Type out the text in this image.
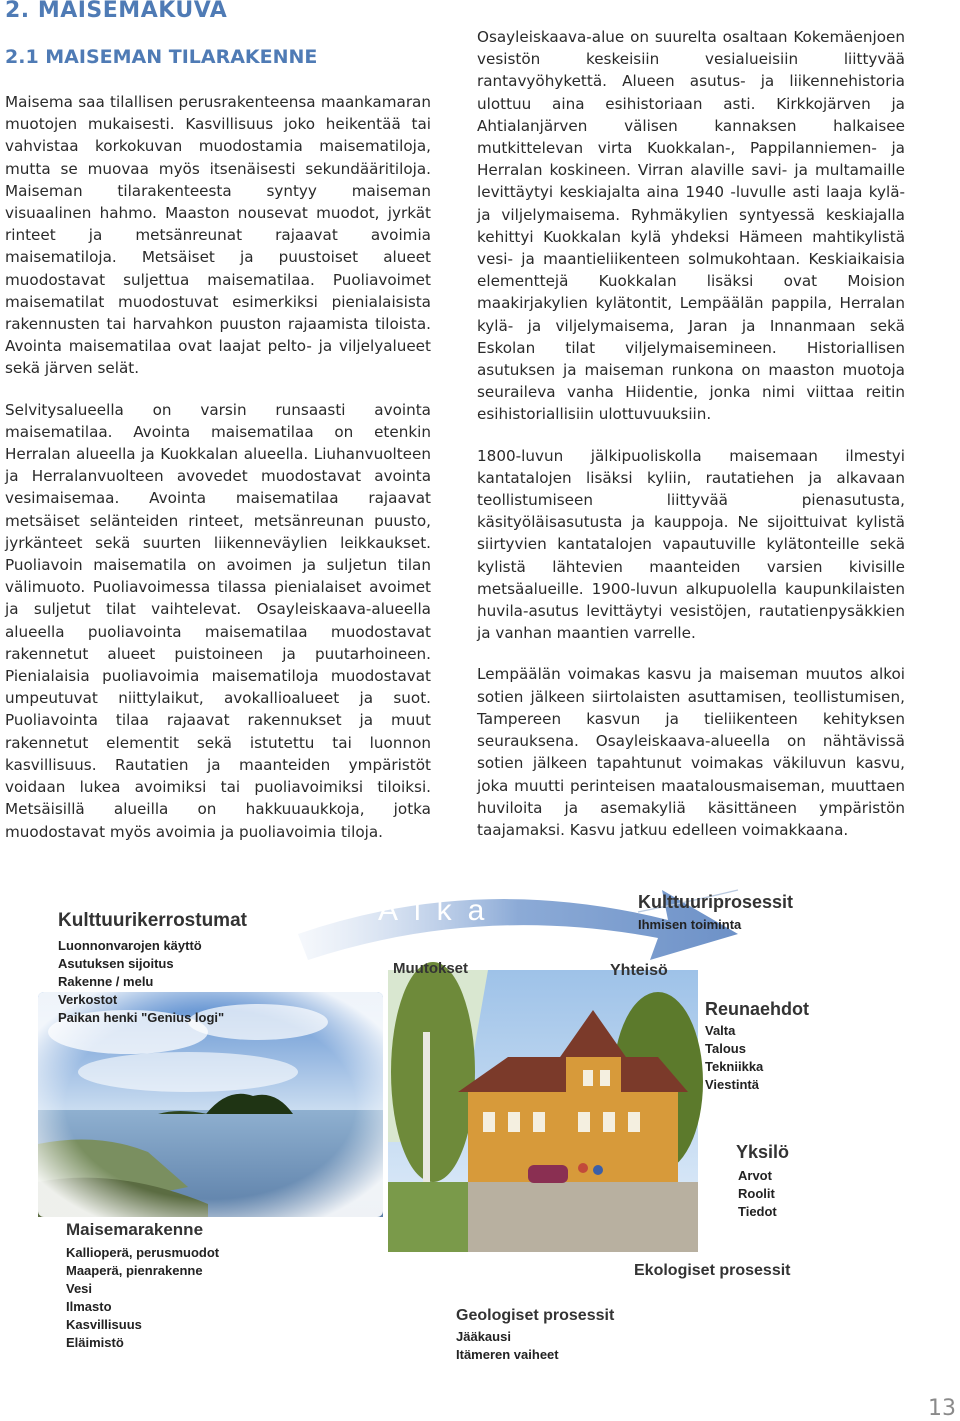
2. MAISEMAKUVA
2.1 MAISEMAN TILARAKENNE

Maisema saa tilallisen perusrakenteensa maankamaran muotojen mukaisesti. Kasvillisuus joko heikentää tai vahvistaa korkokuvan muodostamia maisematiloja, mutta se muovaa myös itsenäisesti sekundääritiloja. Maiseman tilarakenteesta syntyy maiseman visuaalinen hahmo. Maaston nousevat muodot, jyrkät rinteet ja metsänreunat rajaavat avoimia maisematiloja. Metsäiset ja puustoiset alueet muodostavat suljettua maisematilaa. Puoliavoimet maisematilat muodostuvat esimerkiksi pienialaisista rakennusten tai harvahkon puuston rajaamista tiloista. Avointa maisematilaa ovat laajat pelto- ja viljelyalueet sekä järven selät.

Selvitysalueella on varsin runsaasti avointa maisematilaa. Avointa maisematilaa on etenkin Herralan alueella ja Kuokkalan alueella. Liuhanvuolteen ja Herralanvuolteen avovedet muodostavat avointa vesimaisemaa. Avointa maisematilaa rajaavat metsäiset selänteiden rinteet, metsänreunan puusto, jyrkänteet sekä suurten liikenneväylien leikkaukset. Puoliavoin maisematila on avoimen ja suljetun tilan välimuoto. Puoliavoimessa tilassa pienialaiset avoimet ja suljetut tilat vaihtelevat. Osayleiskaava-alueella alueella puoliavointa maisematilaa muodostavat rakennetut alueet puistoineen ja puutarhoineen. Pienialaisia puoliavoimia maisematiloja muodostavat umpeutuvat niittylaikut, avokallioalueet ja suot. Puoliavointa tilaa rajaavat rakennukset ja muut rakennetut elementit sekä istutettu tai luonnon kasvillisuus. Rautatien ja maanteiden ympäristöt voidaan lukea avoimiksi tai puoliavoimiksi tiloiksi. Metsäisillä alueilla on hakkuuaukkoja, jotka muodostavat myös avoimia ja puoliavoimia tiloja.

Osayleiskaava-alue on suurelta osaltaan Kokemäenjoen vesistön keskeisiin vesialueisiin liittyvää rantavyöhykettä. Alueen asutus- ja liikennehistoria ulottuu aina esihistoriaan asti. Kirkkojärven ja Ahtialanjärven välisen kannaksen halkaisee mutkittelevan virta Kuokkalan-, Pappilanniemen- ja Herralan koskineen. Virran alaville savi- ja multamaille levittäytyi keskiajalta aina 1940 -luvulle asti laaja kylä- ja viljelymaisema. Ryhmäkylien syntyessä keskiajalla kehittyi Kuokkalan kylä yhdeksi Hämeen mahtikylistä vesi- ja maantieliikenteen solmukohtaan. Keskiaikaisia elementtejä Kuokkalan lisäksi ovat Moision maakirjakylien kylätontit, Lempäälän pappila, Herralan kylä- ja viljelymaisema, Jaran ja Innanmaan sekä Eskolan tilat viljelymaisemineen. Historiallisen asutuksen ja maiseman runkona on maaston muotoja seuraileva vanha Hiidentie, jonka nimi viittaa reitin esihistoriallisiin ulottuvuuksiin.

1800-luvun jälkipuoliskolla maisemaan ilmestyi kantatalojen lisäksi kyliin, rautatiehen ja alkavaan teollistumiseen liittyvää pienasutusta, käsityöläisasutusta ja kauppoja. Ne sijoittuivat kylistä siirtyvien kantatalojen vapautuville kylätonteille sekä kylistä lähtevien maanteiden varsien kivisille metsäalueille. 1900-luvun alkupuolella kaupunkilaisten huvila-asutus levittäytyi vesistöjen, rautatienpysäkkien ja vanhan maantien varrelle.

Lempäälän voimakas kasvu ja maiseman muutos alkoi sotien jälkeen siirtolaisten asuttamisen, teollistumisen, Tampereen kasvun ja tieliikenteen kehityksen seurauksena. Osayleiskaava-alueella on nähtävissä sotien jälkeen tapahtunut voimakas väkiluvun kasvu, joka muutti perinteisen maatalousmaiseman, muuttaen huviloita ja asemakyliä käsittäneen ympäristön taajamaksi. Kasvu jatkuu edelleen voimakkaana.

Aika
Kulttuurikerrostumat
Luonnonvarojen käyttö
Asutuksen sijoitus
Rakenne / melu
Verkostot
Paikan henki "Genius logi"
Muutokset	Yhteisö
Kulttuuriprosessit
Ihmisen toiminta
Reunaehdot
Valta
Talous
Tekniikka
Viestintä
Yksilö
Arvot
Roolit
Tiedot
Ekologiset prosessit
Maisemarakenne
Kallioperä, perusmuodot
Maaperä, pienrakenne
Vesi
Ilmasto
Kasvillisuus
Eläimistö
Geologiset prosessit
Jääkausi
Itämeren vaiheet
13
